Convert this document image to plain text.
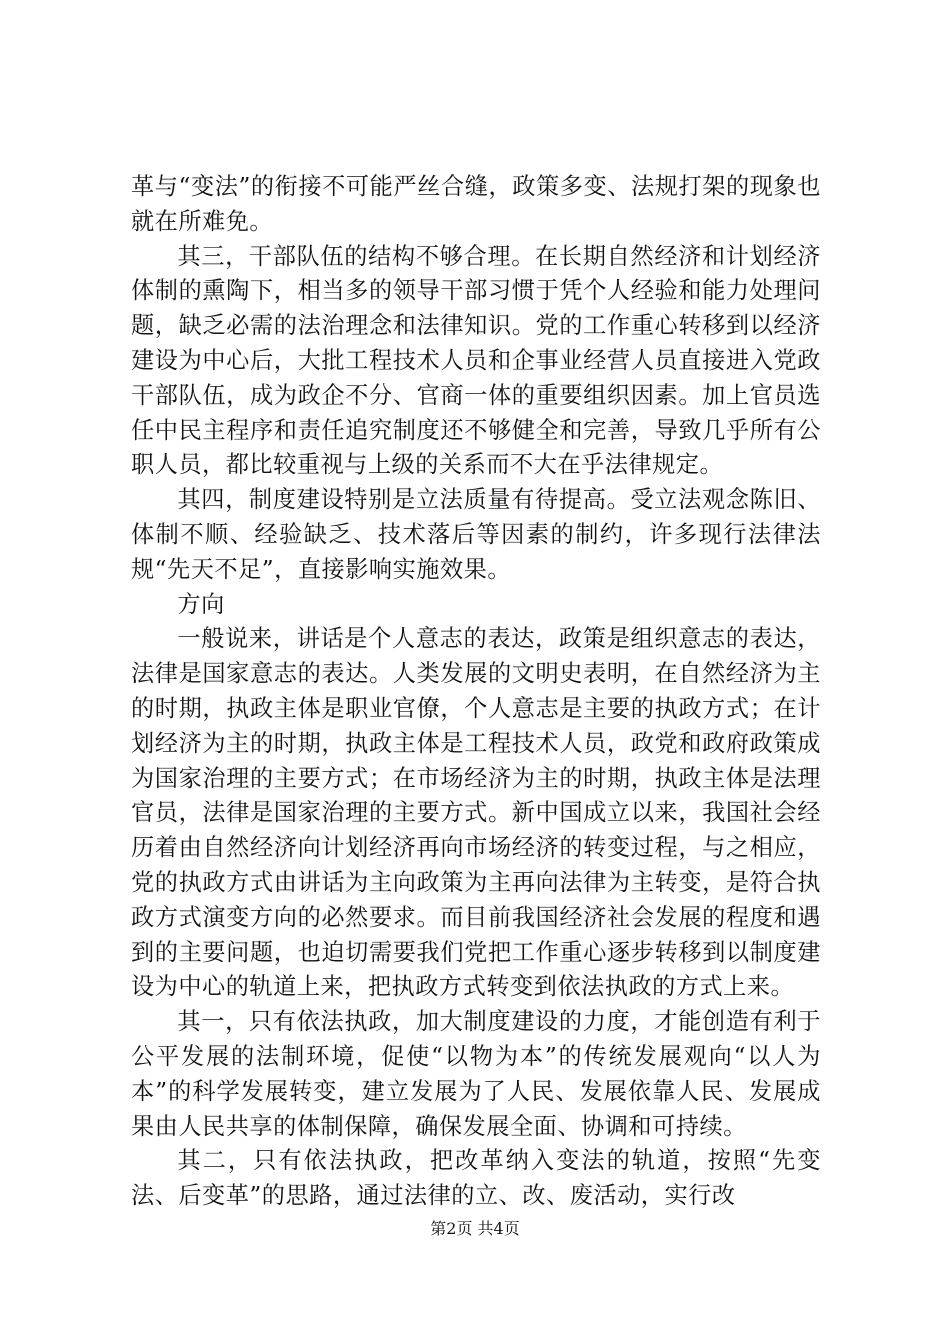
革与“变法”的衔接不可能严丝合缝，政策多变、法规打架的现象也就在所难免。

其三，干部队伍的结构不够合理。在长期自然经济和计划经济体制的熏陶下，相当多的领导干部习惯于凭个人经验和能力处理问题，缺乏必需的法治理念和法律知识。党的工作重心转移到以经济建设为中心后，大批工程技术人员和企事业经营人员直接进入党政干部队伍，成为政企不分、官商一体的重要组织因素。加上官员选任中民主程序和责任追究制度还不够健全和完善，导致几乎所有公职人员，都比较重视与上级的关系而不大在乎法律规定。

其四，制度建设特别是立法质量有待提高。受立法观念陈旧、体制不顺、经验缺乏、技术落后等因素的制约，许多现行法律法规“先天不足”，直接影响实施效果。

方向

一般说来，讲话是个人意志的表达，政策是组织意志的表达，法律是国家意志的表达。人类发展的文明史表明，在自然经济为主的时期，执政主体是职业官僚，个人意志是主要的执政方式；在计划经济为主的时期，执政主体是工程技术人员，政党和政府政策成为国家治理的主要方式；在市场经济为主的时期，执政主体是法理官员，法律是国家治理的主要方式。新中国成立以来，我国社会经历着由自然经济向计划经济再向市场经济的转变过程，与之相应，党的执政方式由讲话为主向政策为主再向法律为主转变，是符合执政方式演变方向的必然要求。而目前我国经济社会发展的程度和遇到的主要问题，也迫切需要我们党把工作重心逐步转移到以制度建设为中心的轨道上来，把执政方式转变到依法执政的方式上来。

其一，只有依法执政，加大制度建设的力度，才能创造有利于公平发展的法制环境，促使“以物为本”的传统发展观向“以人为本”的科学发展转变，建立发展为了人民、发展依靠人民、发展成果由人民共享的体制保障，确保发展全面、协调和可持续。

其二，只有依法执政，把改革纳入变法的轨道，按照“先变法、后变革”的思路，通过法律的立、改、废活动，实行改

第2页 共4页
